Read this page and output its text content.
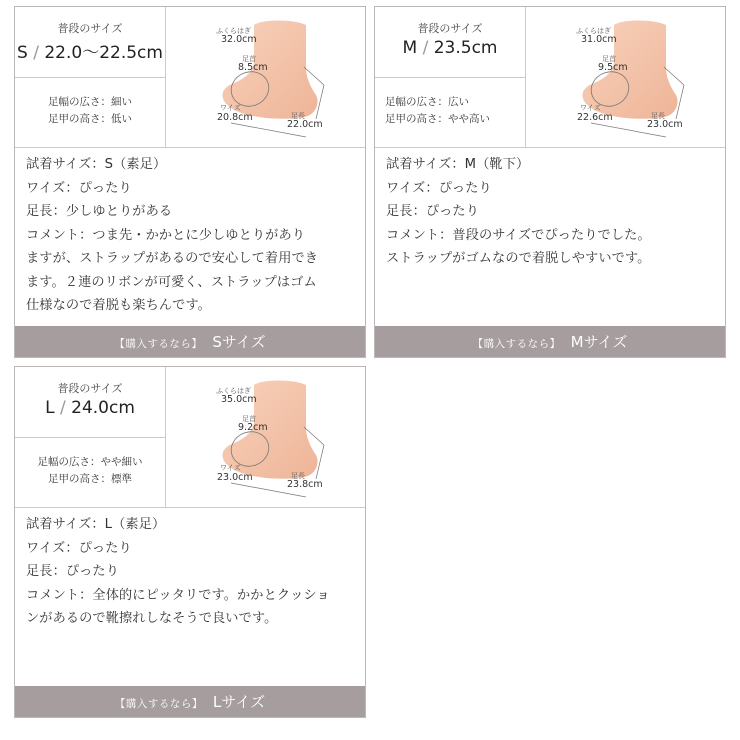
普段のサイズ
S / 22.0〜22.5cm
足幅の広さ：細い
足甲の高さ：低い
ふくらはぎ
32.0cm
足首
8.5cm
ワイズ
20.8cm	足長
22.0cm
試着サイズ：S（素足）
ワイズ：ぴったり
足長：少しゆとりがある
コメント：つま先・かかとに少しゆとりがあり
ますが、ストラップがあるので安心して着用でき
ます。２連のリボンが可愛く、ストラップはゴム
仕様なので着脱も楽ちんです。
【購入するなら】 Sサイズ
普段のサイズ
M / 23.5cm
足幅の広さ：広い
足甲の高さ：やや高い
ふくらはぎ
31.0cm
足首
9.5cm
ワイズ
22.6cm	足長
23.0cm
試着サイズ：M（靴下）
ワイズ：ぴったり
足長：ぴったり
コメント：普段のサイズでぴったりでした。
ストラップがゴムなので着脱しやすいです。
【購入するなら】 Mサイズ
普段のサイズ
L / 24.0cm
足幅の広さ：やや細い
足甲の高さ：標準
ふくらはぎ
35.0cm
足首
9.2cm
ワイズ
23.0cm	足長
23.8cm
試着サイズ：L（素足）
ワイズ：ぴったり
足長：ぴったり
コメント：全体的にピッタリです。かかとクッショ
ンがあるので靴擦れしなそうで良いです。
【購入するなら】 Lサイズ
